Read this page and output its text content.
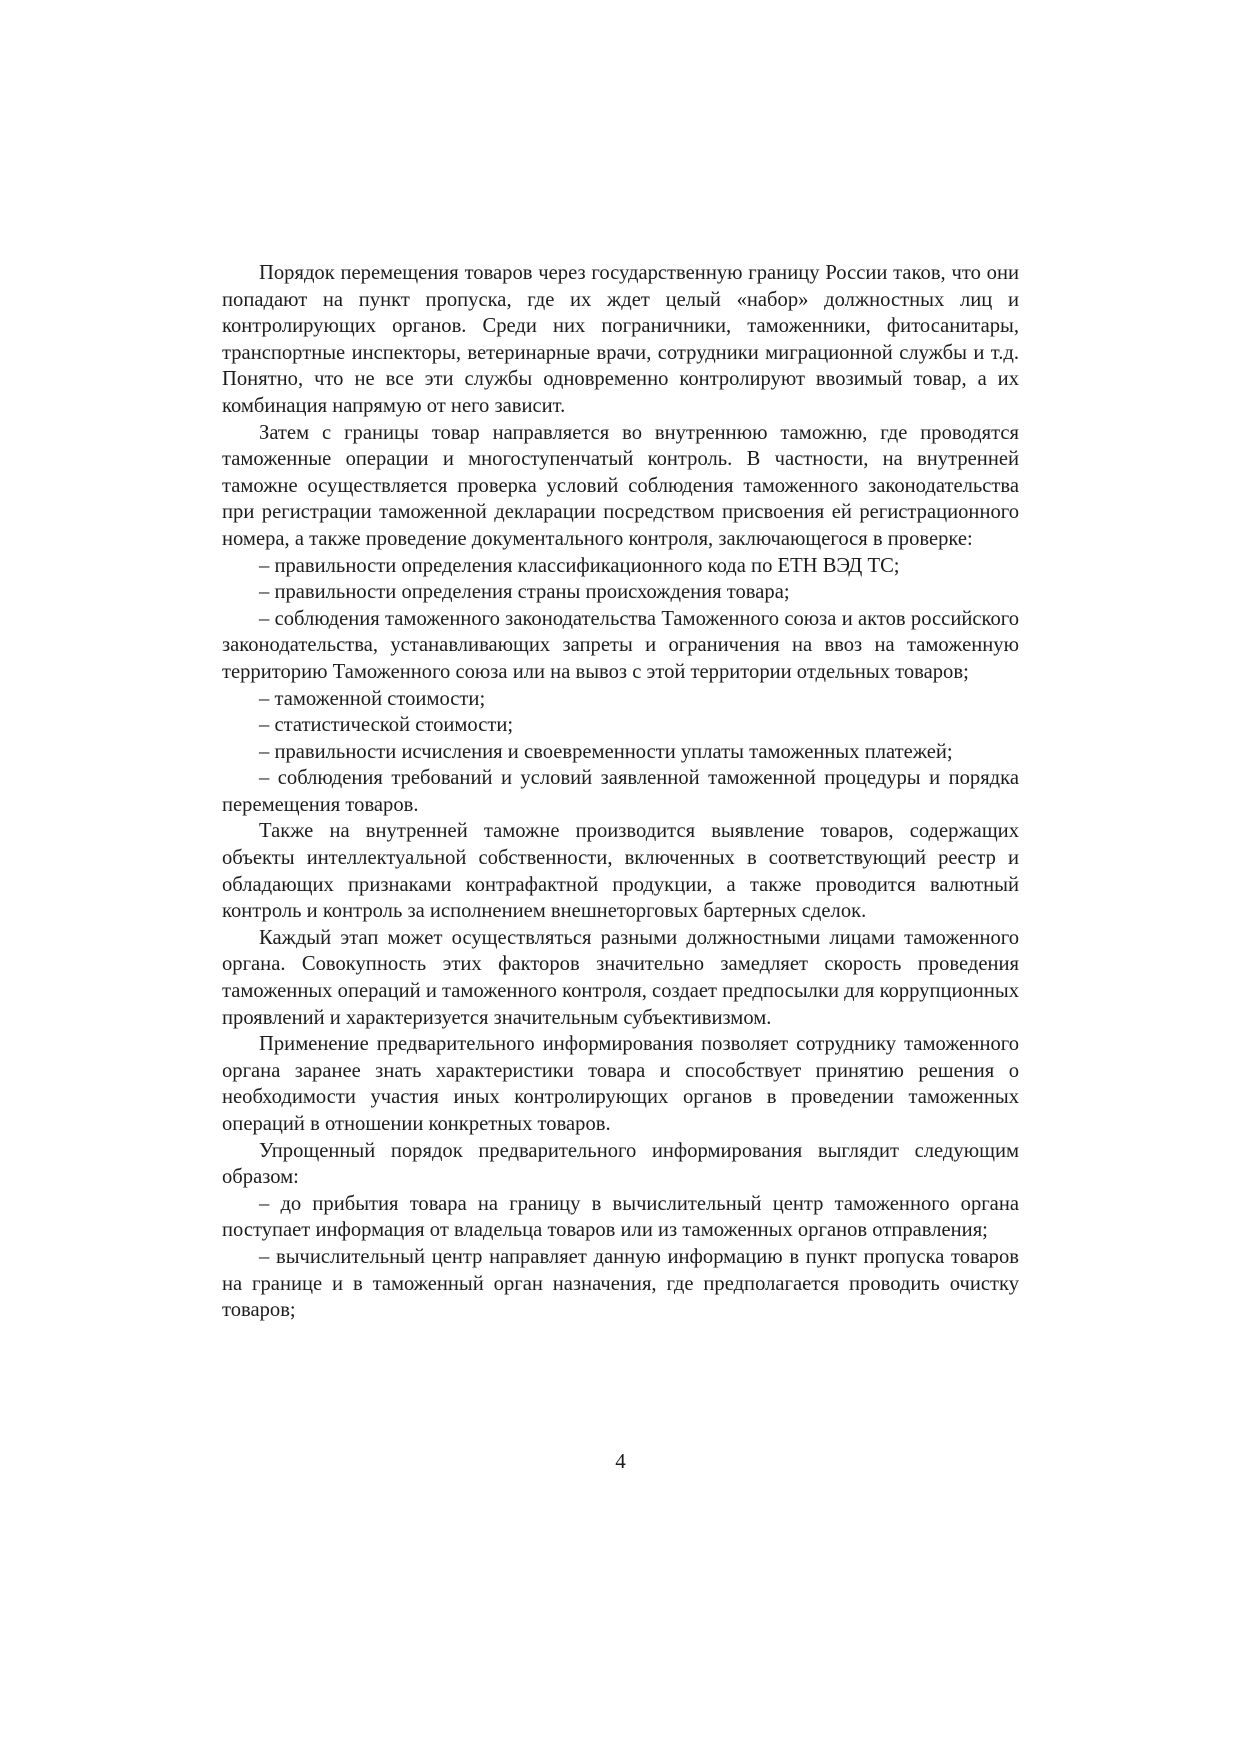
Порядок перемещения товаров через государственную границу России таков, что они попадают на пункт пропуска, где их ждет целый «набор» должностных лиц и контролирующих органов. Среди них пограничники, таможенники, фитосанитары, транспортные инспекторы, ветеринарные врачи, сотрудники миграционной службы и т.д. Понятно, что не все эти службы одновременно контролируют ввозимый товар, а их комбинация напрямую от него зависит.

Затем с границы товар направляется во внутреннюю таможню, где проводятся таможенные операции и многоступенчатый контроль. В частности, на внутренней таможне осуществляется проверка условий соблюдения таможенного законодательства при регистрации таможенной декларации посредством присвоения ей регистрационного номера, а также проведение документального контроля, заключающегося в проверке:

– правильности определения классификационного кода по ЕТН ВЭД ТС;

– правильности определения страны происхождения товара;

– соблюдения таможенного законодательства Таможенного союза и актов российского законодательства, устанавливающих запреты и ограничения на ввоз на таможенную территорию Таможенного союза или на вывоз с этой территории отдельных товаров;

– таможенной стоимости;

– статистической стоимости;

– правильности исчисления и своевременности уплаты таможенных платежей;

– соблюдения требований и условий заявленной таможенной процедуры и порядка перемещения товаров.

Также на внутренней таможне производится выявление товаров, содержащих объекты интеллектуальной собственности, включенных в соответствующий реестр и обладающих признаками контрафактной продукции, а также проводится валютный контроль и контроль за исполнением внешнеторговых бартерных сделок.

Каждый этап может осуществляться разными должностными лицами таможенного органа. Совокупность этих факторов значительно замедляет скорость проведения таможенных операций и таможенного контроля, создает предпосылки для коррупционных проявлений и характеризуется значительным субъективизмом.

Применение предварительного информирования позволяет сотруднику таможенного органа заранее знать характеристики товара и способствует принятию решения о необходимости участия иных контролирующих органов в проведении таможенных операций в отношении конкретных товаров.

Упрощенный порядок предварительного информирования выглядит следующим образом:

– до прибытия товара на границу в вычислительный центр таможенного органа поступает информация от владельца товаров или из таможенных органов отправления;

– вычислительный центр направляет данную информацию в пункт пропуска товаров на границе и в таможенный орган назначения, где предполагается проводить очистку товаров;

4
